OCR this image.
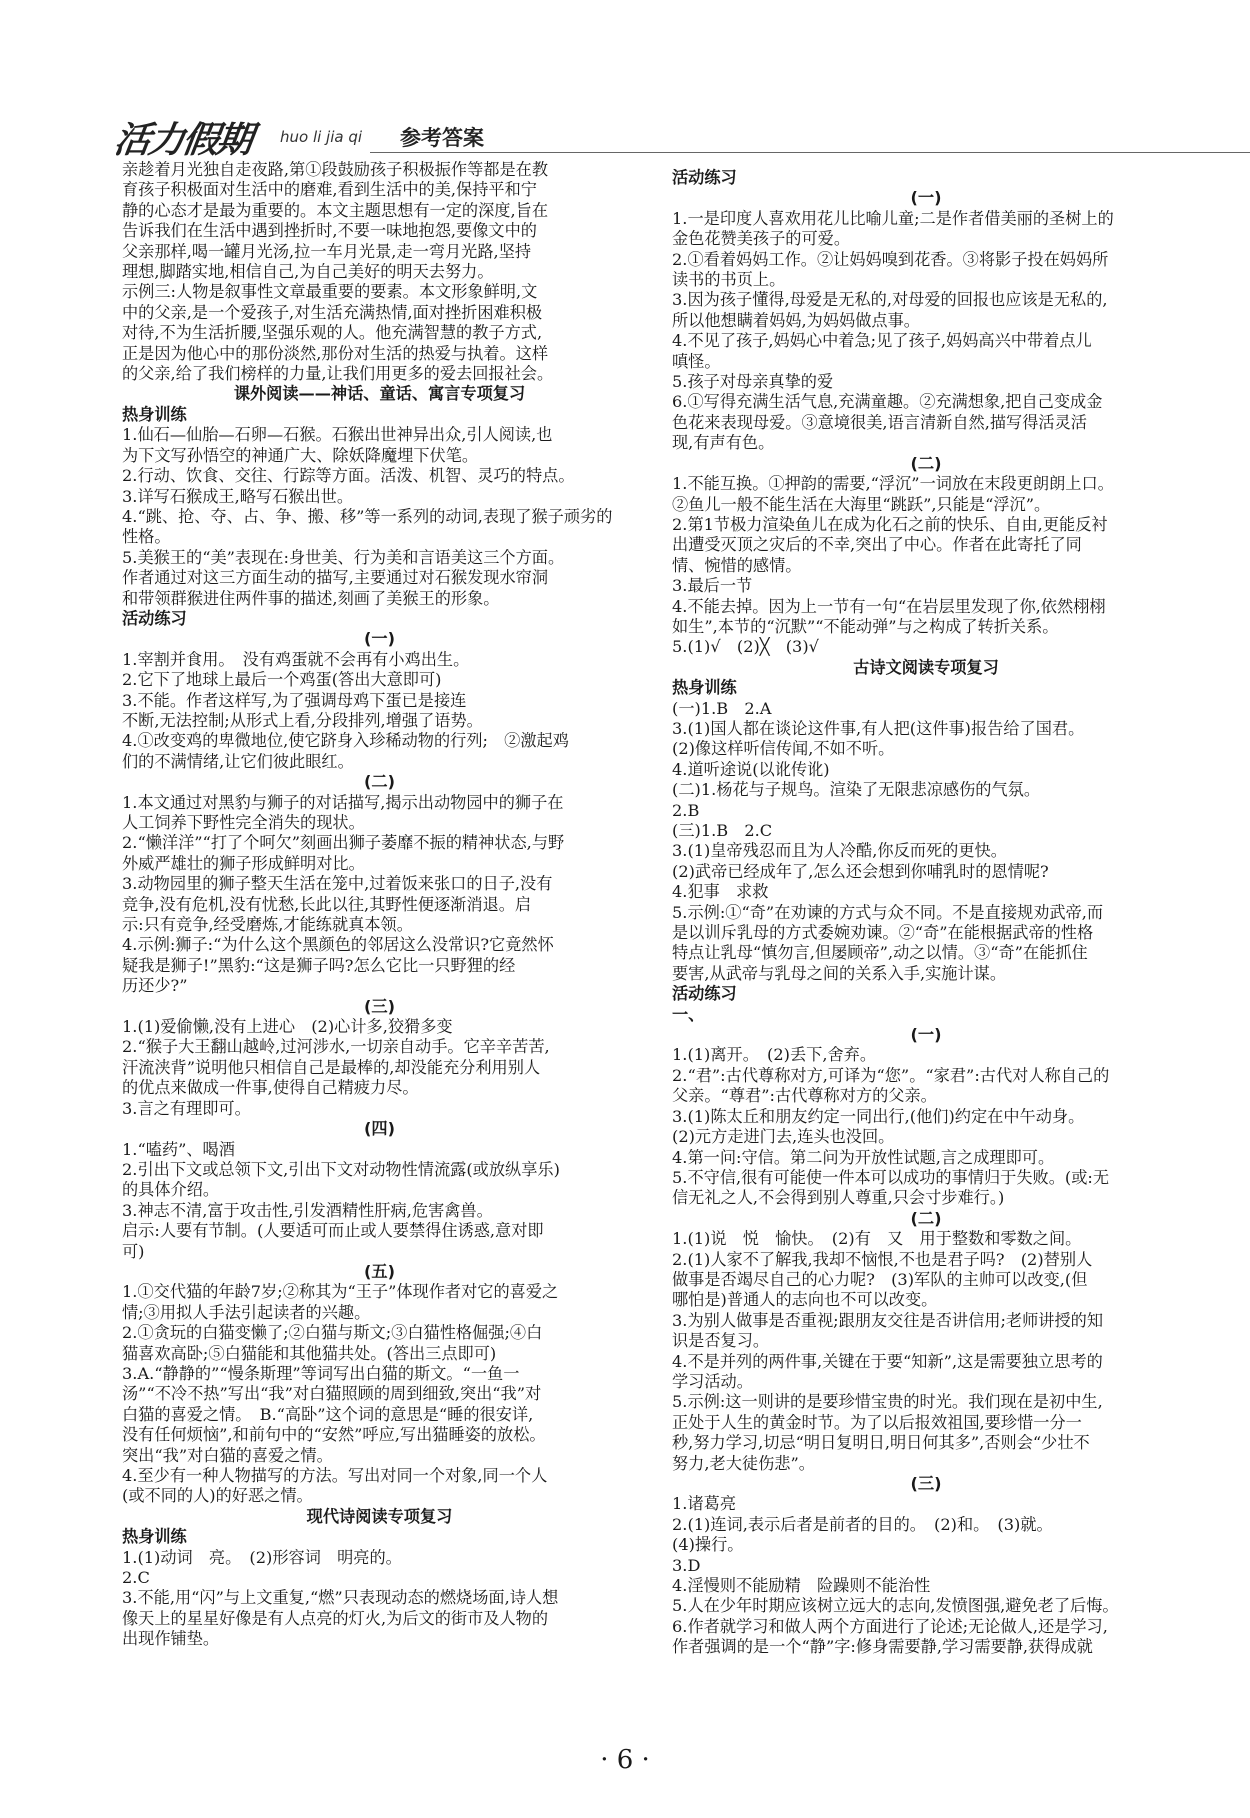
活力假期 huo li jia qi 参考答案
亲趁着月光独自走夜路,第①段鼓励孩子积极振作等都是在教
育孩子积极面对生活中的磨难,看到生活中的美,保持平和宁
静的心态才是最为重要的。本文主题思想有一定的深度,旨在
告诉我们在生活中遇到挫折时,不要一味地抱怨,要像文中的
父亲那样,喝一罐月光汤,拉一车月光景,走一弯月光路,坚持
理想,脚踏实地,相信自己,为自己美好的明天去努力。
示例三:人物是叙事性文章最重要的要素。本文形象鲜明,文
中的父亲,是一个爱孩子,对生活充满热情,面对挫折困难积极
对待,不为生活折腰,坚强乐观的人。他充满智慧的教子方式,
正是因为他心中的那份淡然,那份对生活的热爱与执着。这样
的父亲,给了我们榜样的力量,让我们用更多的爱去回报社会。
课外阅读——神话、童话、寓言专项复习
热身训练
1.仙石—仙胎—石卵—石猴。石猴出世神异出众,引人阅读,也
为下文写孙悟空的神通广大、除妖降魔埋下伏笔。
2.行动、饮食、交往、行踪等方面。活泼、机智、灵巧的特点。
3.详写石猴成王,略写石猴出世。
4.“跳、抢、夺、占、争、搬、移”等一系列的动词,表现了猴子顽劣的
性格。
5.美猴王的“美”表现在:身世美、行为美和言语美这三个方面。
作者通过对这三方面生动的描写,主要通过对石猴发现水帘洞
和带领群猴进住两件事的描述,刻画了美猴王的形象。
活动练习
(一)
1.宰割并食用。　没有鸡蛋就不会再有小鸡出生。
2.它下了地球上最后一个鸡蛋(答出大意即可)
3.不能。作者这样写,为了强调母鸡下蛋已是接连
不断,无法控制;从形式上看,分段排列,增强了语势。
4.①改变鸡的卑微地位,使它跻身入珍稀动物的行列;　②激起鸡
们的不满情绪,让它们彼此眼红。
(二)
1.本文通过对黑豹与狮子的对话描写,揭示出动物园中的狮子在
人工饲养下野性完全消失的现状。
2.“懒洋洋”“打了个呵欠”刻画出狮子萎靡不振的精神状态,与野
外威严雄壮的狮子形成鲜明对比。
3.动物园里的狮子整天生活在笼中,过着饭来张口的日子,没有
竞争,没有危机,没有忧愁,长此以往,其野性便逐渐消退。启
示:只有竞争,经受磨炼,才能练就真本领。
4.示例:狮子:“为什么这个黑颜色的邻居这么没常识?它竟然怀
疑我是狮子!”黑豹:“这是狮子吗?怎么它比一只野狸的经
历还少?”
(三)
1.(1)爱偷懒,没有上进心　(2)心计多,狡猾多变
2.“猴子大王翻山越岭,过河涉水,一切亲自动手。它辛辛苦苦,
汗流浃背”说明他只相信自己是最棒的,却没能充分利用别人
的优点来做成一件事,使得自己精疲力尽。
3.言之有理即可。
(四)
1.“嗑药”、喝酒
2.引出下文或总领下文,引出下文对动物性情流露(或放纵享乐)
的具体介绍。
3.神志不清,富于攻击性,引发酒精性肝病,危害禽兽。
启示:人要有节制。(人要适可而止或人要禁得住诱惑,意对即
可)
(五)
1.①交代猫的年龄7岁;②称其为“王子”体现作者对它的喜爱之
情;③用拟人手法引起读者的兴趣。
2.①贪玩的白猫变懒了;②白猫与斯文;③白猫性格倔强;④白
猫喜欢高卧;⑤白猫能和其他猫共处。(答出三点即可)
3.A.“静静的”“慢条斯理”等词写出白猫的斯文。“一鱼一
汤”“不冷不热”写出“我”对白猫照顾的周到细致,突出“我”对
白猫的喜爱之情。　B.“高卧”这个词的意思是“睡的很安详,
没有任何烦恼”,和前句中的“安然”呼应,写出猫睡姿的放松。
突出“我”对白猫的喜爱之情。
4.至少有一种人物描写的方法。写出对同一个对象,同一个人
(或不同的人)的好恶之情。
现代诗阅读专项复习
热身训练
1.(1)动词　亮。　(2)形容词　明亮的。
2.C
3.不能,用“闪”与上文重复,“燃”只表现动态的燃烧场面,诗人想
像天上的星星好像是有人点亮的灯火,为后文的街市及人物的
出现作铺垫。
活动练习
(一)
1.一是印度人喜欢用花儿比喻儿童;二是作者借美丽的圣树上的
金色花赞美孩子的可爱。
2.①看着妈妈工作。②让妈妈嗅到花香。③将影子投在妈妈所
读书的书页上。
3.因为孩子懂得,母爱是无私的,对母爱的回报也应该是无私的,
所以他想瞒着妈妈,为妈妈做点事。
4.不见了孩子,妈妈心中着急;见了孩子,妈妈高兴中带着点儿
嗔怪。
5.孩子对母亲真挚的爱
6.①写得充满生活气息,充满童趣。②充满想象,把自己变成金
色花来表现母爱。③意境很美,语言清新自然,描写得活灵活
现,有声有色。
(二)
1.不能互换。①押韵的需要,“浮沉”一词放在末段更朗朗上口。
②鱼儿一般不能生活在大海里“跳跃”,只能是“浮沉”。
2.第1节极力渲染鱼儿在成为化石之前的快乐、自由,更能反衬
出遭受灭顶之灾后的不幸,突出了中心。作者在此寄托了同
情、惋惜的感情。
3.最后一节
4.不能去掉。因为上一节有一句“在岩层里发现了你,依然栩栩
如生”,本节的“沉默”“不能动弹”与之构成了转折关系。
5.(1)√　(2)╳　(3)√
古诗文阅读专项复习
热身训练
(一)1.B　2.A
3.(1)国人都在谈论这件事,有人把(这件事)报告给了国君。
(2)像这样听信传闻,不如不听。
4.道听途说(以讹传讹)
(二)1.杨花与子规鸟。渲染了无限悲凉感伤的气氛。
2.B
(三)1.B　2.C
3.(1)皇帝残忍而且为人冷酷,你反而死的更快。
(2)武帝已经成年了,怎么还会想到你哺乳时的恩情呢?
4.犯事　求救
5.示例:①“奇”在劝谏的方式与众不同。不是直接规劝武帝,而
是以训斥乳母的方式委婉劝谏。②“奇”在能根据武帝的性格
特点让乳母“慎勿言,但屡顾帝”,动之以情。③“奇”在能抓住
要害,从武帝与乳母之间的关系入手,实施计谋。
活动练习
一、
(一)
1.(1)离开。　(2)丢下,舍弃。
2.“君”:古代尊称对方,可译为“您”。“家君”:古代对人称自己的
父亲。“尊君”:古代尊称对方的父亲。
3.(1)陈太丘和朋友约定一同出行,(他们)约定在中午动身。
(2)元方走进门去,连头也没回。
4.第一问:守信。第二问为开放性试题,言之成理即可。
5.不守信,很有可能使一件本可以成功的事情归于失败。(或:无
信无礼之人,不会得到别人尊重,只会寸步难行。)
(二)
1.(1)说　悦　愉快。　(2)有　又　用于整数和零数之间。
2.(1)人家不了解我,我却不恼恨,不也是君子吗?　(2)替别人
做事是否竭尽自己的心力呢?　(3)军队的主帅可以改变,(但
哪怕是)普通人的志向也不可以改变。
3.为别人做事是否重视;跟朋友交往是否讲信用;老师讲授的知
识是否复习。
4.不是并列的两件事,关键在于要“知新”,这是需要独立思考的
学习活动。
5.示例:这一则讲的是要珍惜宝贵的时光。我们现在是初中生,
正处于人生的黄金时节。为了以后报效祖国,要珍惜一分一
秒,努力学习,切忌“明日复明日,明日何其多”,否则会“少壮不
努力,老大徒伤悲”。
(三)
1.诸葛亮
2.(1)连词,表示后者是前者的目的。　(2)和。　(3)就。
(4)操行。
3.D
4.淫慢则不能励精　险躁则不能治性
5.人在少年时期应该树立远大的志向,发愤图强,避免老了后悔。
6.作者就学习和做人两个方面进行了论述;无论做人,还是学习,
作者强调的是一个“静”字:修身需要静,学习需要静,获得成就
· 6 ·
